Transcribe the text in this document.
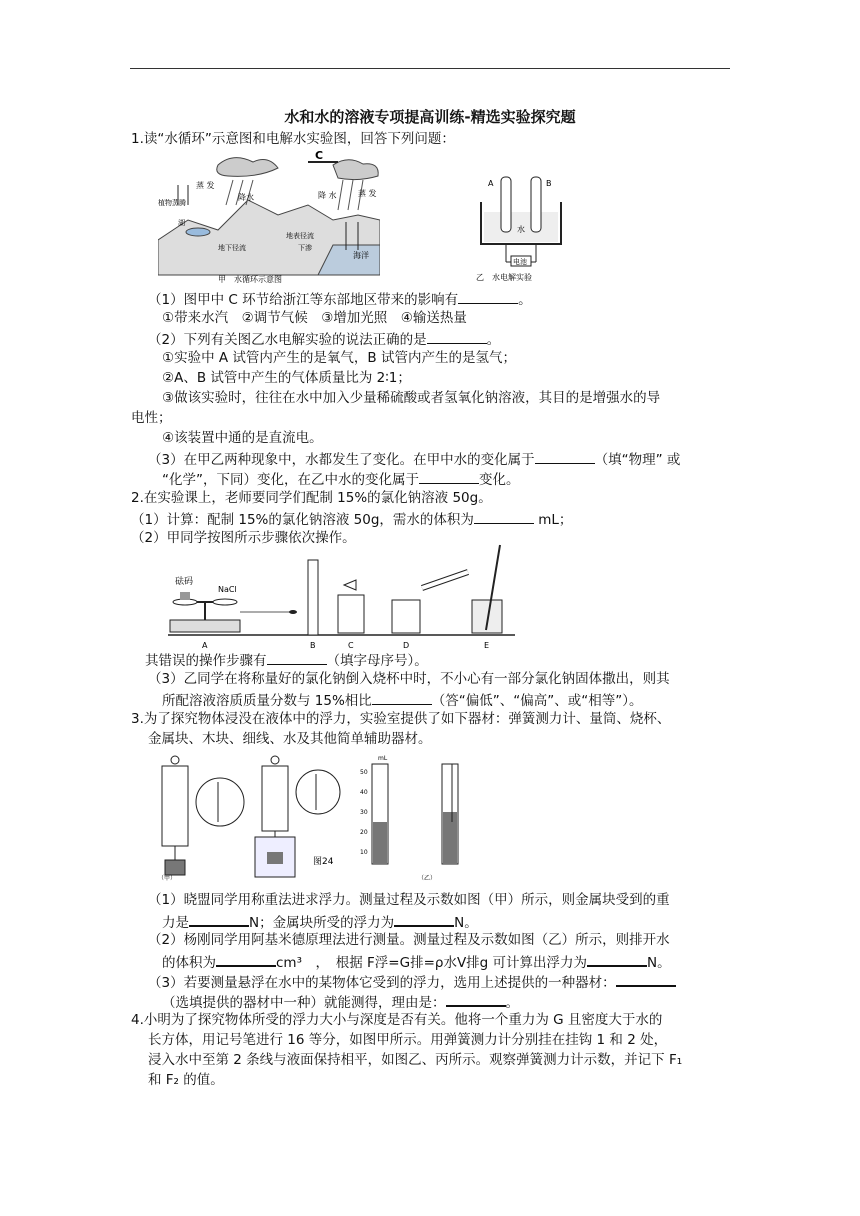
水和水的溶液专项提高训练-精选实验探究题
1.读“水循环”示意图和电解水实验图，回答下列问题：
C
蒸 发
降水
植物蒸腾
湖
降 水	蒸 发
地表径流
下渗
地下径流
海洋
甲　水循环示意图
A	B
水
电池
乙　水电解实验
（1）图甲中 C 环节给浙江等东部地区带来的影响有	。
①带来水汽　②调节气候　③增加光照　④输送热量
（2）下列有关图乙水电解实验的说法正确的是	。
①实验中 A 试管内产生的是氧气，B 试管内产生的是氢气；
②A、B 试管中产生的气体质量比为 2∶1；
③做该实验时，往往在水中加入少量稀硫酸或者氢氧化钠溶液，其目的是增强水的导
电性；
④该装置中通的是直流电。
（3）在甲乙两种现象中，水都发生了变化。在甲中水的变化属于	（填“物理” 或
“化学”，下同）变化，在乙中水的变化属于	变化。
2.在实验课上，老师要同学们配制 15%的氯化钠溶液 50g。
（1）计算：配制 15%的氯化钠溶液 50g，需水的体积为	mL；
（2）甲同学按图所示步骤依次操作。
砝码
NaCl
A	B	C	D	E
其错误的操作步骤有	（填字母序号）。
（3）乙同学在将称量好的氯化钠倒入烧杯中时，不小心有一部分氯化钠固体撒出，则其
所配溶液溶质质量分数与 15%相比	（答“偏低”、“偏高”、或“相等”）。
3.为了探究物体浸没在液体中的浮力，实验室提供了如下器材：弹簧测力计、量筒、烧杯、
金属块、木块、细线、水及其他简单辅助器材。
图24
50
40
30
20
10
mL
（甲）	（乙）
（1）晓盟同学用称重法进求浮力。测量过程及示数如图（甲）所示，则金属块受到的重
力是	N；金属块所受的浮力为	N。
（2）杨刚同学用阿基米德原理法进行测量。测量过程及示数如图（乙）所示，则排开水
的体积为	cm³　，　根据 F浮=G排=ρ水V排g 可计算出浮力为	N。
（3）若要测量悬浮在水中的某物体它受到的浮力，选用上述提供的一种器材：
（选填提供的器材中一种）就能测得，理由是：	。
4.小明为了探究物体所受的浮力大小与深度是否有关。他将一个重力为 G 且密度大于水的
长方体，用记号笔进行 16 等分，如图甲所示。用弹簧测力计分别挂在挂钩 1 和 2 处，
浸入水中至第 2 条线与液面保持相平，如图乙、丙所示。观察弹簧测力计示数，并记下 F₁
和 F₂ 的值。
